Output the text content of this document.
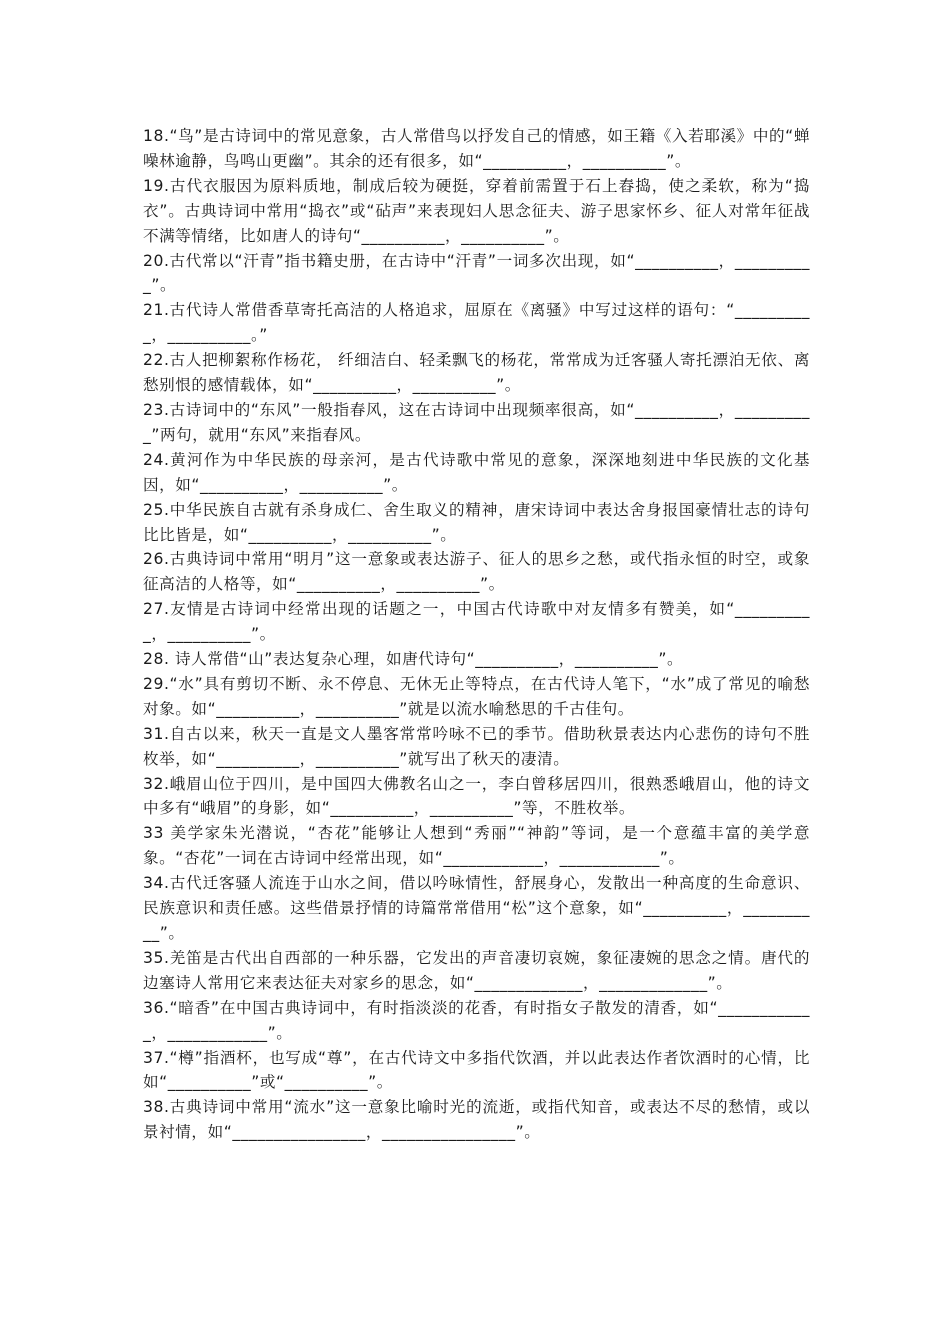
18.“鸟”是古诗词中的常见意象，古人常借鸟以抒发自己的情感，如王籍《入若耶溪》中的“蝉噪林逾静，鸟鸣山更幽”。其余的还有很多，如“__________，__________”。

19.古代衣服因为原料质地，制成后较为硬挺，穿着前需置于石上舂捣，使之柔软，称为“捣衣”。古典诗词中常用“捣衣”或“砧声”来表现妇人思念征夫、游子思家怀乡、征人对常年征战不满等情绪，比如唐人的诗句“__________，__________”。

20.古代常以“汗青”指书籍史册，在古诗中“汗青”一词多次出现，如“__________，__________”。

21.古代诗人常借香草寄托高洁的人格追求，屈原在《离骚》中写过这样的语句：“__________，__________。”

22.古人把柳絮称作杨花， 纤细洁白、轻柔飘飞的杨花，常常成为迁客骚人寄托漂泊无依、离愁别恨的感情载体，如“__________，__________”。

23.古诗词中的“东风”一般指春风，这在古诗词中出现频率很高，如“__________，__________”两句，就用“东风”来指春风。

24.黄河作为中华民族的母亲河，是古代诗歌中常见的意象，深深地刻进中华民族的文化基因，如“__________，__________”。

25.中华民族自古就有杀身成仁、舍生取义的精神，唐宋诗词中表达舍身报国豪情壮志的诗句比比皆是，如“__________，__________”。

26.古典诗词中常用“明月”这一意象或表达游子、征人的思乡之愁，或代指永恒的时空，或象征高洁的人格等，如“__________，__________”。

27.友情是古诗词中经常出现的话题之一，中国古代诗歌中对友情多有赞美，如“__________，__________”。

28. 诗人常借“山”表达复杂心理，如唐代诗句“__________，__________”。

29.“水”具有剪切不断、永不停息、无休无止等特点，在古代诗人笔下，“水”成了常见的喻愁对象。如“__________，__________”就是以流水喻愁思的千古佳句。

31.自古以来，秋天一直是文人墨客常常吟咏不已的季节。借助秋景表达内心悲伤的诗句不胜枚举，如“__________，__________”就写出了秋天的凄清。

32.峨眉山位于四川，是中国四大佛教名山之一，李白曾移居四川，很熟悉峨眉山，他的诗文中多有“峨眉”的身影，如“__________，__________”等，不胜枚举。

33 美学家朱光潜说，“杏花”能够让人想到“秀丽”“神韵”等词，是一个意蕴丰富的美学意象。“杏花”一词在古诗词中经常出现，如“____________，____________”。

34.古代迁客骚人流连于山水之间，借以吟咏情性，舒展身心，发散出一种高度的生命意识、民族意识和责任感。这些借景抒情的诗篇常常借用“松”这个意象，如“__________，__________”。

35.羌笛是古代出自西部的一种乐器，它发出的声音凄切哀婉，象征凄婉的思念之情。唐代的边塞诗人常用它来表达征夫对家乡的思念，如“_____________，_____________”。

36.“暗香”在中国古典诗词中，有时指淡淡的花香，有时指女子散发的清香，如“____________，____________”。

37.“樽”指酒杯，也写成“尊”，在古代诗文中多指代饮酒，并以此表达作者饮酒时的心情，比如“__________”或“__________”。

38.古典诗词中常用“流水”这一意象比喻时光的流逝，或指代知音，或表达不尽的愁情，或以景衬情，如“________________，________________”。
